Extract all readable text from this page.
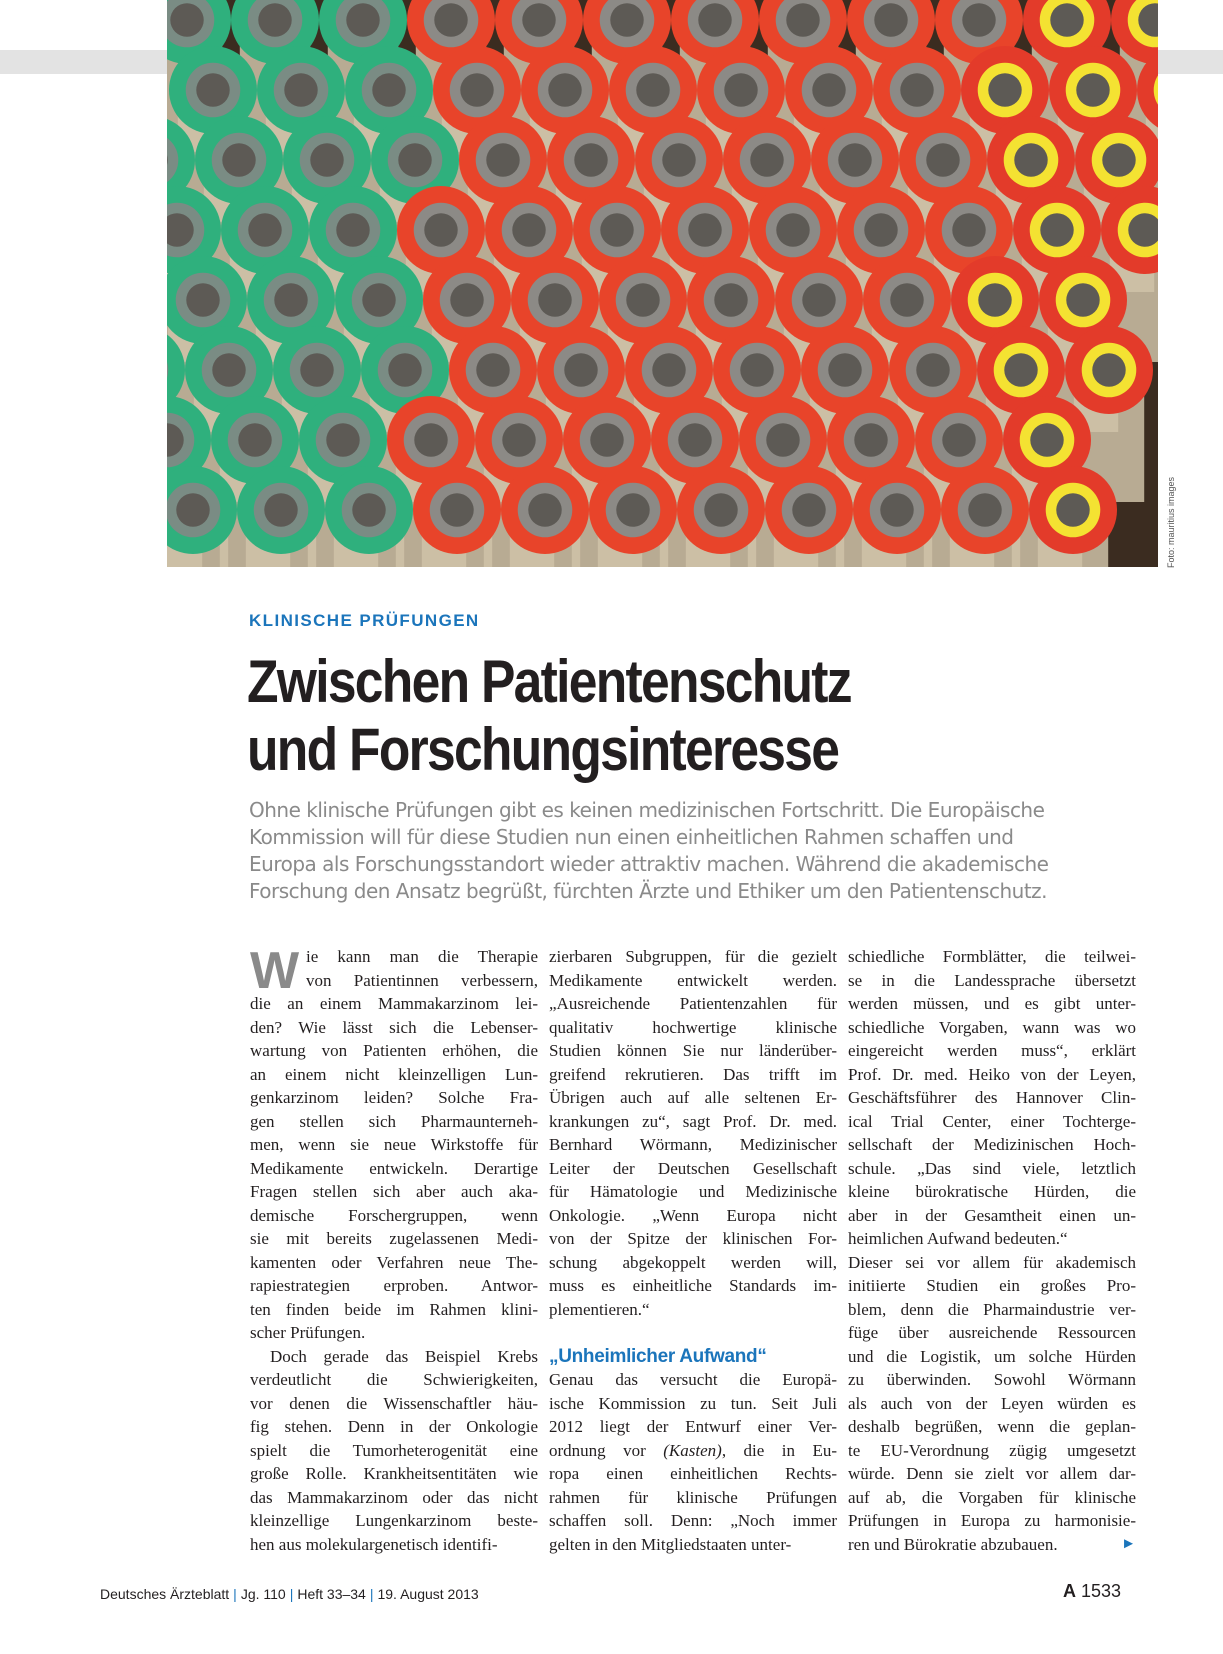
Foto: mauritius images
KLINISCHE PRÜFUNGEN
Zwischen Patientenschutz
und Forschungsinteresse

Ohne klinische Prüfungen gibt es keinen medizinischen Fortschritt. Die Europäische
Kommission will für diese Studien nun einen einheitlichen Rahmen schaffen und
Europa als Forschungsstandort wieder attraktiv machen. Während die akademische
Forschung den Ansatz begrüßt, fürchten Ärzte und Ethiker um den Patientenschutz.

W ie kann man die Therapie
von Patientinnen verbessern,
die an einem Mammakarzinom lei-
den? Wie lässt sich die Lebenser-
wartung von Patienten erhöhen, die
an einem nicht kleinzelligen Lun-
genkarzinom leiden? Solche Fra-
gen stellen sich Pharmaunterneh-
men, wenn sie neue Wirkstoffe für
Medikamente entwickeln. Derartige
Fragen stellen sich aber auch aka-
demische Forschergruppen, wenn
sie mit bereits zugelassenen Medi-
kamenten oder Verfahren neue The-
rapiestrategien erproben. Antwor-
ten finden beide im Rahmen klini-
scher Prüfungen.
Doch gerade das Beispiel Krebs
verdeutlicht die Schwierigkeiten,
vor denen die Wissenschaftler häu-
fig stehen. Denn in der Onkologie
spielt die Tumorheterogenität eine
große Rolle. Krankheitsentitäten wie
das Mammakarzinom oder das nicht
kleinzellige Lungenkarzinom beste-
hen aus molekulargenetisch identifi-
zierbaren Subgruppen, für die gezielt
Medikamente entwickelt werden.
„Ausreichende Patientenzahlen für
qualitativ hochwertige klinische
Studien können Sie nur länderüber-
greifend rekrutieren. Das trifft im
Übrigen auch auf alle seltenen Er-
krankungen zu“, sagt Prof. Dr. med.
Bernhard Wörmann, Medizinischer
Leiter der Deutschen Gesellschaft
für Hämatologie und Medizinische
Onkologie. „Wenn Europa nicht
von der Spitze der klinischen For-
schung abgekoppelt werden will,
muss es einheitliche Standards im-
plementieren.“
„Unheimlicher Aufwand“
Genau das versucht die Europä-
ische Kommission zu tun. Seit Juli
2012 liegt der Entwurf einer Ver-
ordnung vor (Kasten), die in Eu-
ropa einen einheitlichen Rechts-
rahmen für klinische Prüfungen
schaffen soll. Denn: „Noch immer
gelten in den Mitgliedstaaten unter-
schiedliche Formblätter, die teilwei-
se in die Landessprache übersetzt
werden müssen, und es gibt unter-
schiedliche Vorgaben, wann was wo
eingereicht werden muss“, erklärt
Prof. Dr. med. Heiko von der Leyen,
Geschäftsführer des Hannover Clin-
ical Trial Center, einer Tochterge-
sellschaft der Medizinischen Hoch-
schule. „Das sind viele, letztlich
kleine bürokratische Hürden, die
aber in der Gesamtheit einen un-
heimlichen Aufwand bedeuten.“
Dieser sei vor allem für akademisch
initiierte Studien ein großes Pro-
blem, denn die Pharmaindustrie ver-
füge über ausreichende Ressourcen
und die Logistik, um solche Hürden
zu überwinden. Sowohl Wörmann
als auch von der Leyen würden es
deshalb begrüßen, wenn die geplan-
te EU-Verordnung zügig umgesetzt
würde. Denn sie zielt vor allem dar-
auf ab, die Vorgaben für klinische
Prüfungen in Europa zu harmonisie-
ren und Bürokratie abzubauen.	►
Deutsches Ärzteblatt | Jg. 110 | Heft 33–34 | 19. August 2013	A 1533
